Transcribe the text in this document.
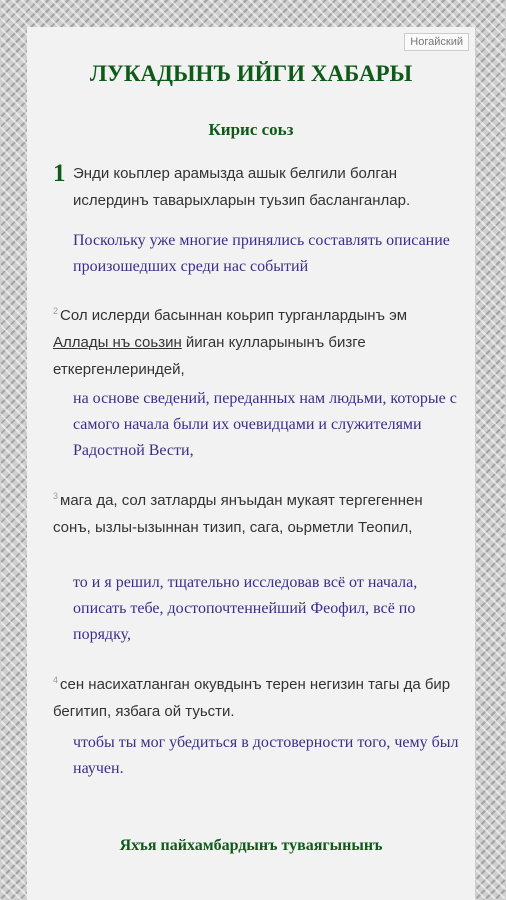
Ногайский
ЛУКАДЫНЪ ИЙГИ ХАБАРЫ
Кирис соьз
1 Энди коьплер арамызда ашык белгили болган ислердинъ таварыхларын туьзип басланганлар.
Поскольку уже многие принялись составлять описание произошедших среди нас событий
$^2$ Сол ислерди басыннан коьрип турганлардынъ эм Аллады нъ соьзин йиган кулларынынъ бизге еткергенлериндей,
на основе сведений, переданных нам людьми, которые с самого начала были их очевидцами и служителями Радостной Вести,
$^3$ мага да, сол затларды янъыдан мукаят тергегеннен сонъ, ызлы-ызыннан тизип, сага, оьрметли Теопил,
то и я решил, тщательно исследовав всё от начала, описать тебе, достопочтеннейший Феофил, всё по порядку,
$^4$ сен насихатланган окувдынъ терен негизин тагы да бир бегитип, язбага ой туьсти.
чтобы ты мог убедиться в достоверности того, чему был научен.
Яхъя пайхамбардынъ туваягынынъ
